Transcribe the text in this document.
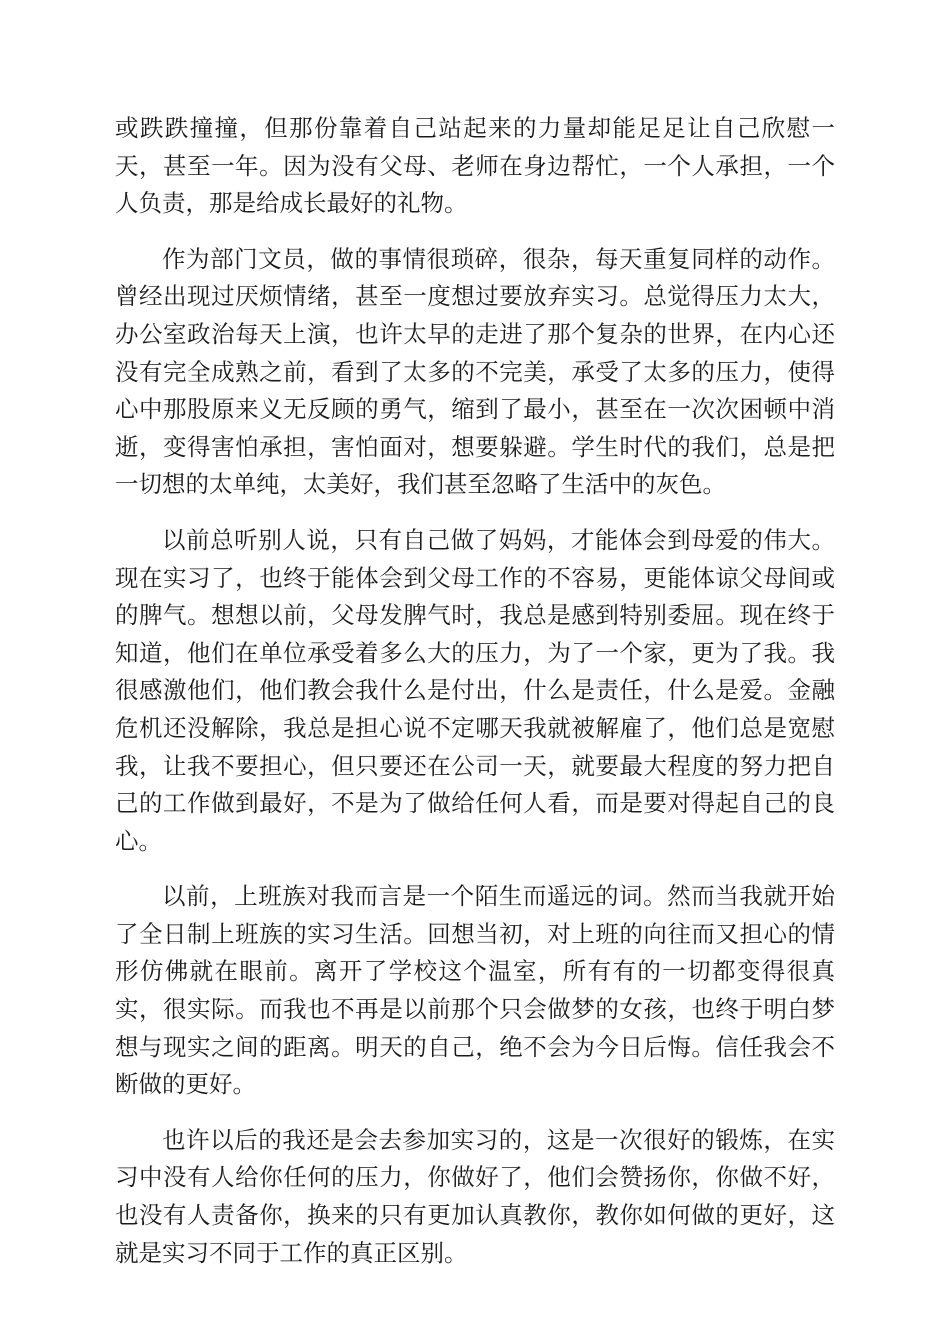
或跌跌撞撞，但那份靠着自己站起来的力量却能足足让自己欣慰一天，甚至一年。因为没有父母、老师在身边帮忙，一个人承担，一个人负责，那是给成长最好的礼物。

作为部门文员，做的事情很琐碎，很杂，每天重复同样的动作。曾经出现过厌烦情绪，甚至一度想过要放弃实习。总觉得压力太大，办公室政治每天上演，也许太早的走进了那个复杂的世界，在内心还没有完全成熟之前，看到了太多的不完美，承受了太多的压力，使得心中那股原来义无反顾的勇气，缩到了最小，甚至在一次次困顿中消逝，变得害怕承担，害怕面对，想要躲避。学生时代的我们，总是把一切想的太单纯，太美好，我们甚至忽略了生活中的灰色。

以前总听别人说，只有自己做了妈妈，才能体会到母爱的伟大。现在实习了，也终于能体会到父母工作的不容易，更能体谅父母间或的脾气。想想以前，父母发脾气时，我总是感到特别委屈。现在终于知道，他们在单位承受着多么大的压力，为了一个家，更为了我。我很感激他们，他们教会我什么是付出，什么是责任，什么是爱。金融危机还没解除，我总是担心说不定哪天我就被解雇了，他们总是宽慰我，让我不要担心，但只要还在公司一天，就要最大程度的努力把自己的工作做到最好，不是为了做给任何人看，而是要对得起自己的良心。

以前，上班族对我而言是一个陌生而遥远的词。然而当我就开始了全日制上班族的实习生活。回想当初，对上班的向往而又担心的情形仿佛就在眼前。离开了学校这个温室，所有有的一切都变得很真实，很实际。而我也不再是以前那个只会做梦的女孩，也终于明白梦想与现实之间的距离。明天的自己，绝不会为今日后悔。信任我会不断做的更好。

也许以后的我还是会去参加实习的，这是一次很好的锻炼，在实习中没有人给你任何的压力，你做好了，他们会赞扬你，你做不好，也没有人责备你，换来的只有更加认真教你，教你如何做的更好，这就是实习不同于工作的真正区别。
